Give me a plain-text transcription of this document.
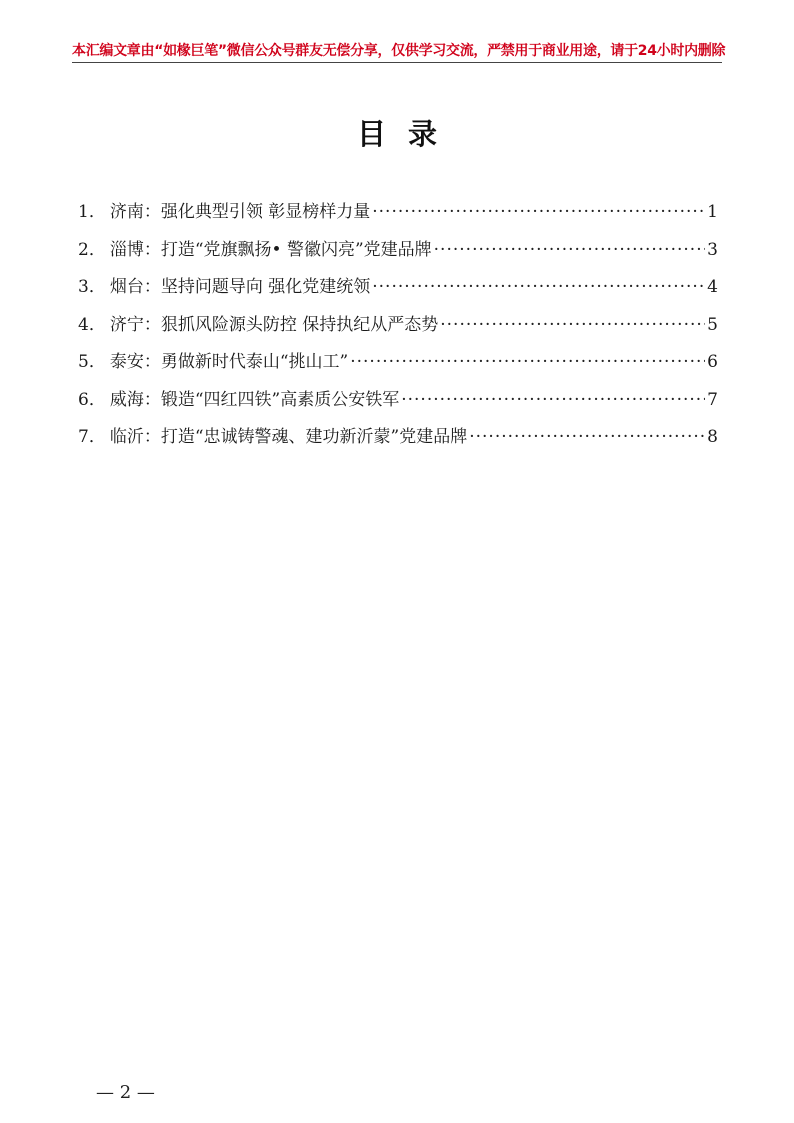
本汇编文章由“如椽巨笔”微信公众号群友无偿分享，仅供学习交流，严禁用于商业用途，请于24小时内删除
目录
1． 济南：强化典型引领 彰显榜样力量 ·····	1
2． 淄博：打造“党旗飘扬• 警徽闪亮”党建品牌 ·····	3
3． 烟台：坚持问题导向 强化党建统领 ·····	4
4． 济宁：狠抓风险源头防控 保持执纪从严态势 ·····	5
5． 泰安：勇做新时代泰山“挑山工” ·····	6
6． 威海：锻造“四红四铁”高素质公安铁军 ·····	7
7． 临沂：打造“忠诚铸警魂、建功新沂蒙”党建品牌 ·····	8
— 2 —
